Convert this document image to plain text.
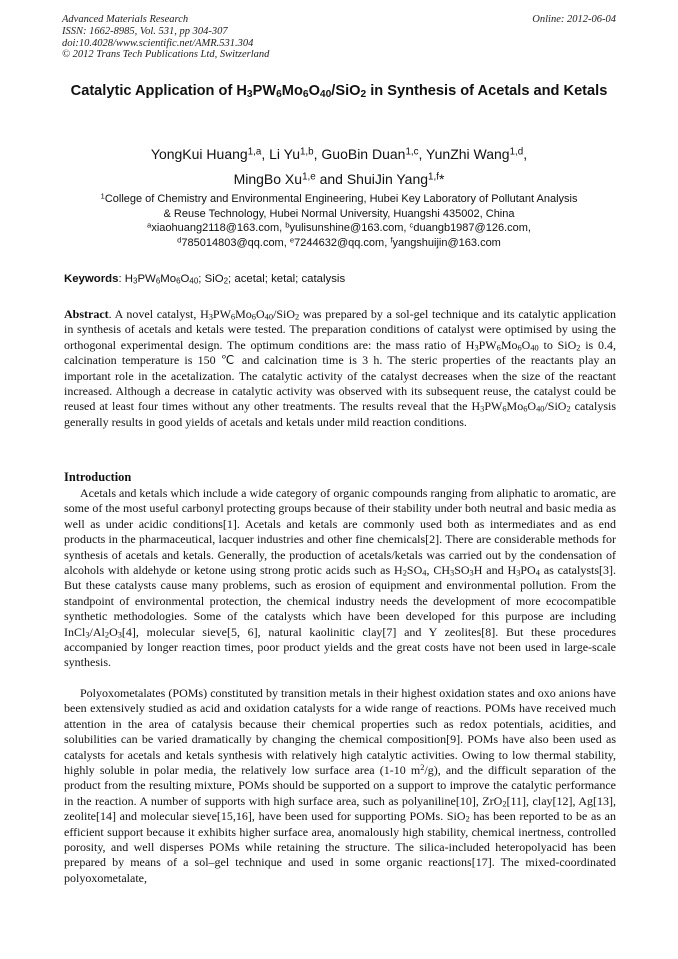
Advanced Materials Research
ISSN: 1662-8985, Vol. 531, pp 304-307
doi:10.4028/www.scientific.net/AMR.531.304
© 2012 Trans Tech Publications Ltd, Switzerland
Online: 2012-06-04
Catalytic Application of $H_3PW_6Mo_6O_{40}/SiO_2$ in Synthesis of Acetals and Ketals
YongKui Huang$^{1,a}$, Li Yu$^{1,b}$, GuoBin Duan$^{1,c}$, YunZhi Wang$^{1,d}$,
MingBo Xu$^{1,e}$ and ShuiJin Yang$^{1,f}$*
$^1$College of Chemistry and Environmental Engineering, Hubei Key Laboratory of Pollutant Analysis
& Reuse Technology, Hubei Normal University, Huangshi 435002, China
$^a$xiaohuang2118@163.com, $^b$yulisunshine@163.com, $^c$duangb1987@126.com,
$^d$785014803@qq.com, $^e$7244632@qq.com, $^f$yangshuijin@163.com
Keywords: $H_3PW_6Mo_6O_{40}$; SiO$_2$; acetal; ketal; catalysis
Abstract. A novel catalyst, $H_3PW_6Mo_6O_{40}/SiO_2$ was prepared by a sol-gel technique and its catalytic application in synthesis of acetals and ketals were tested. The preparation conditions of catalyst were optimised by using the orthogonal experimental design. The optimum conditions are: the mass ratio of $H_3PW_6Mo_6O_{40}$ to SiO$_2$ is 0.4, calcination temperature is 150 ℃ and calcination time is 3 h. The steric properties of the reactants play an important role in the acetalization. The catalytic activity of the catalyst decreases when the size of the reactant increased. Although a decrease in catalytic activity was observed with its subsequent reuse, the catalyst could be reused at least four times without any other treatments. The results reveal that the $H_3PW_6Mo_6O_{40}/SiO_2$ catalysis generally results in good yields of acetals and ketals under mild reaction conditions.
Introduction
Acetals and ketals which include a wide category of organic compounds ranging from aliphatic to aromatic, are some of the most useful carbonyl protecting groups because of their stability under both neutral and basic media as well as under acidic conditions[1]. Acetals and ketals are commonly used both as intermediates and as end products in the pharmaceutical, lacquer industries and other fine chemicals[2]. There are considerable methods for synthesis of acetals and ketals. Generally, the production of acetals/ketals was carried out by the condensation of alcohols with aldehyde or ketone using strong protic acids such as $H_2SO_4$, $CH_3SO_3H$ and $H_3PO_4$ as catalysts[3]. But these catalysts cause many problems, such as erosion of equipment and environmental pollution. From the standpoint of environmental protection, the chemical industry needs the development of more ecocompatible synthetic methodologies. Some of the catalysts which have been developed for this purpose are including $InCl_3/Al_2O_3[4]$, molecular sieve[5, 6], natural kaolinitic clay[7] and Y zeolites[8]. But these procedures accompanied by longer reaction times, poor product yields and the great costs have not been used in large-scale synthesis.
Polyoxometalates (POMs) constituted by transition metals in their highest oxidation states and oxo anions have been extensively studied as acid and oxidation catalysts for a wide range of reactions. POMs have received much attention in the area of catalysis because their chemical properties such as redox potentials, acidities, and solubilities can be varied dramatically by changing the chemical composition[9]. POMs have also been used as catalysts for acetals and ketals synthesis with relatively high catalytic activities. Owing to low thermal stability, highly soluble in polar media, the relatively low surface area (1-10 $m^2/g$), and the difficult separation of the product from the resulting mixture, POMs should be supported on a support to improve the catalytic performance in the reaction. A number of supports with high surface area, such as polyaniline[10], ZrO$_2$[11], clay[12], Ag[13], zeolite[14] and molecular sieve[15,16], have been used for supporting POMs. SiO$_2$ has been reported to be as an efficient support because it exhibits higher surface area, anomalously high stability, chemical inertness, controlled porosity, and well disperses POMs while retaining the structure. The silica-included heteropolyacid has been prepared by means of a sol–gel technique and used in some organic reactions[17]. The mixed-coordinated polyoxometalate,
